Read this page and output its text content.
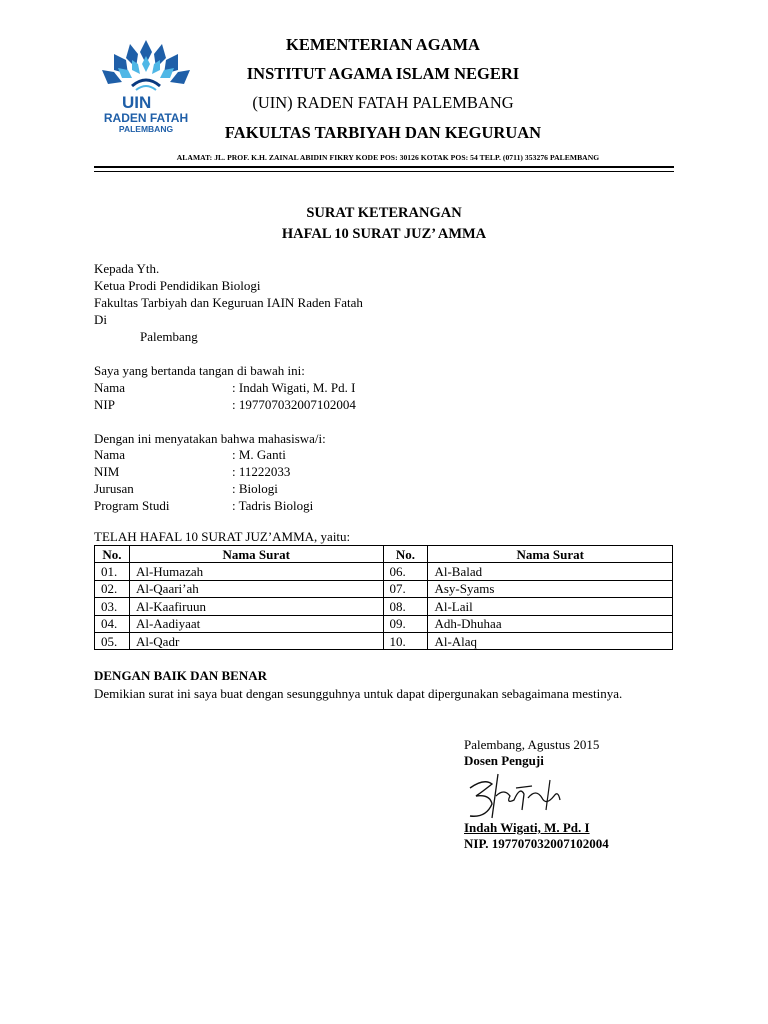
UIN
RADEN FATAH
PALEMBANG
KEMENTERIAN AGAMA
INSTITUT AGAMA ISLAM NEGERI
(UIN) RADEN FATAH PALEMBANG
FAKULTAS TARBIYAH DAN KEGURUAN
ALAMAT: JL. PROF. K.H. ZAINAL ABIDIN FIKRY KODE POS: 30126 KOTAK POS: 54 TELP. (0711) 353276 PALEMBANG
SURAT KETERANGAN
HAFAL 10 SURAT JUZ’ AMMA
Kepada Yth.
Ketua Prodi Pendidikan Biologi
Fakultas Tarbiyah dan Keguruan IAIN Raden Fatah
Di
Palembang
Saya yang bertanda tangan di bawah ini:
Nama	: Indah Wigati, M. Pd. I
NIP	: 197707032007102004
Dengan ini menyatakan bahwa mahasiswa/i:
Nama	: M. Ganti
NIM	: 11222033
Jurusan	: Biologi
Program Studi	: Tadris Biologi
TELAH HAFAL 10 SURAT JUZ’AMMA, yaitu:
No.	Nama Surat	No.	Nama Surat
01.	Al-Humazah	06.	Al-Balad
02.	Al-Qaari’ah	07.	Asy-Syams
03.	Al-Kaafiruun	08.	Al-Lail
04.	Al-Aadiyaat	09.	Adh-Dhuhaa
05.	Al-Qadr	10.	Al-Alaq
DENGAN BAIK DAN BENAR
Demikian surat ini saya buat dengan sesungguhnya untuk dapat dipergunakan sebagaimana mestinya.
Palembang, Agustus 2015
Dosen Penguji
Indah Wigati, M. Pd. I
NIP. 197707032007102004
